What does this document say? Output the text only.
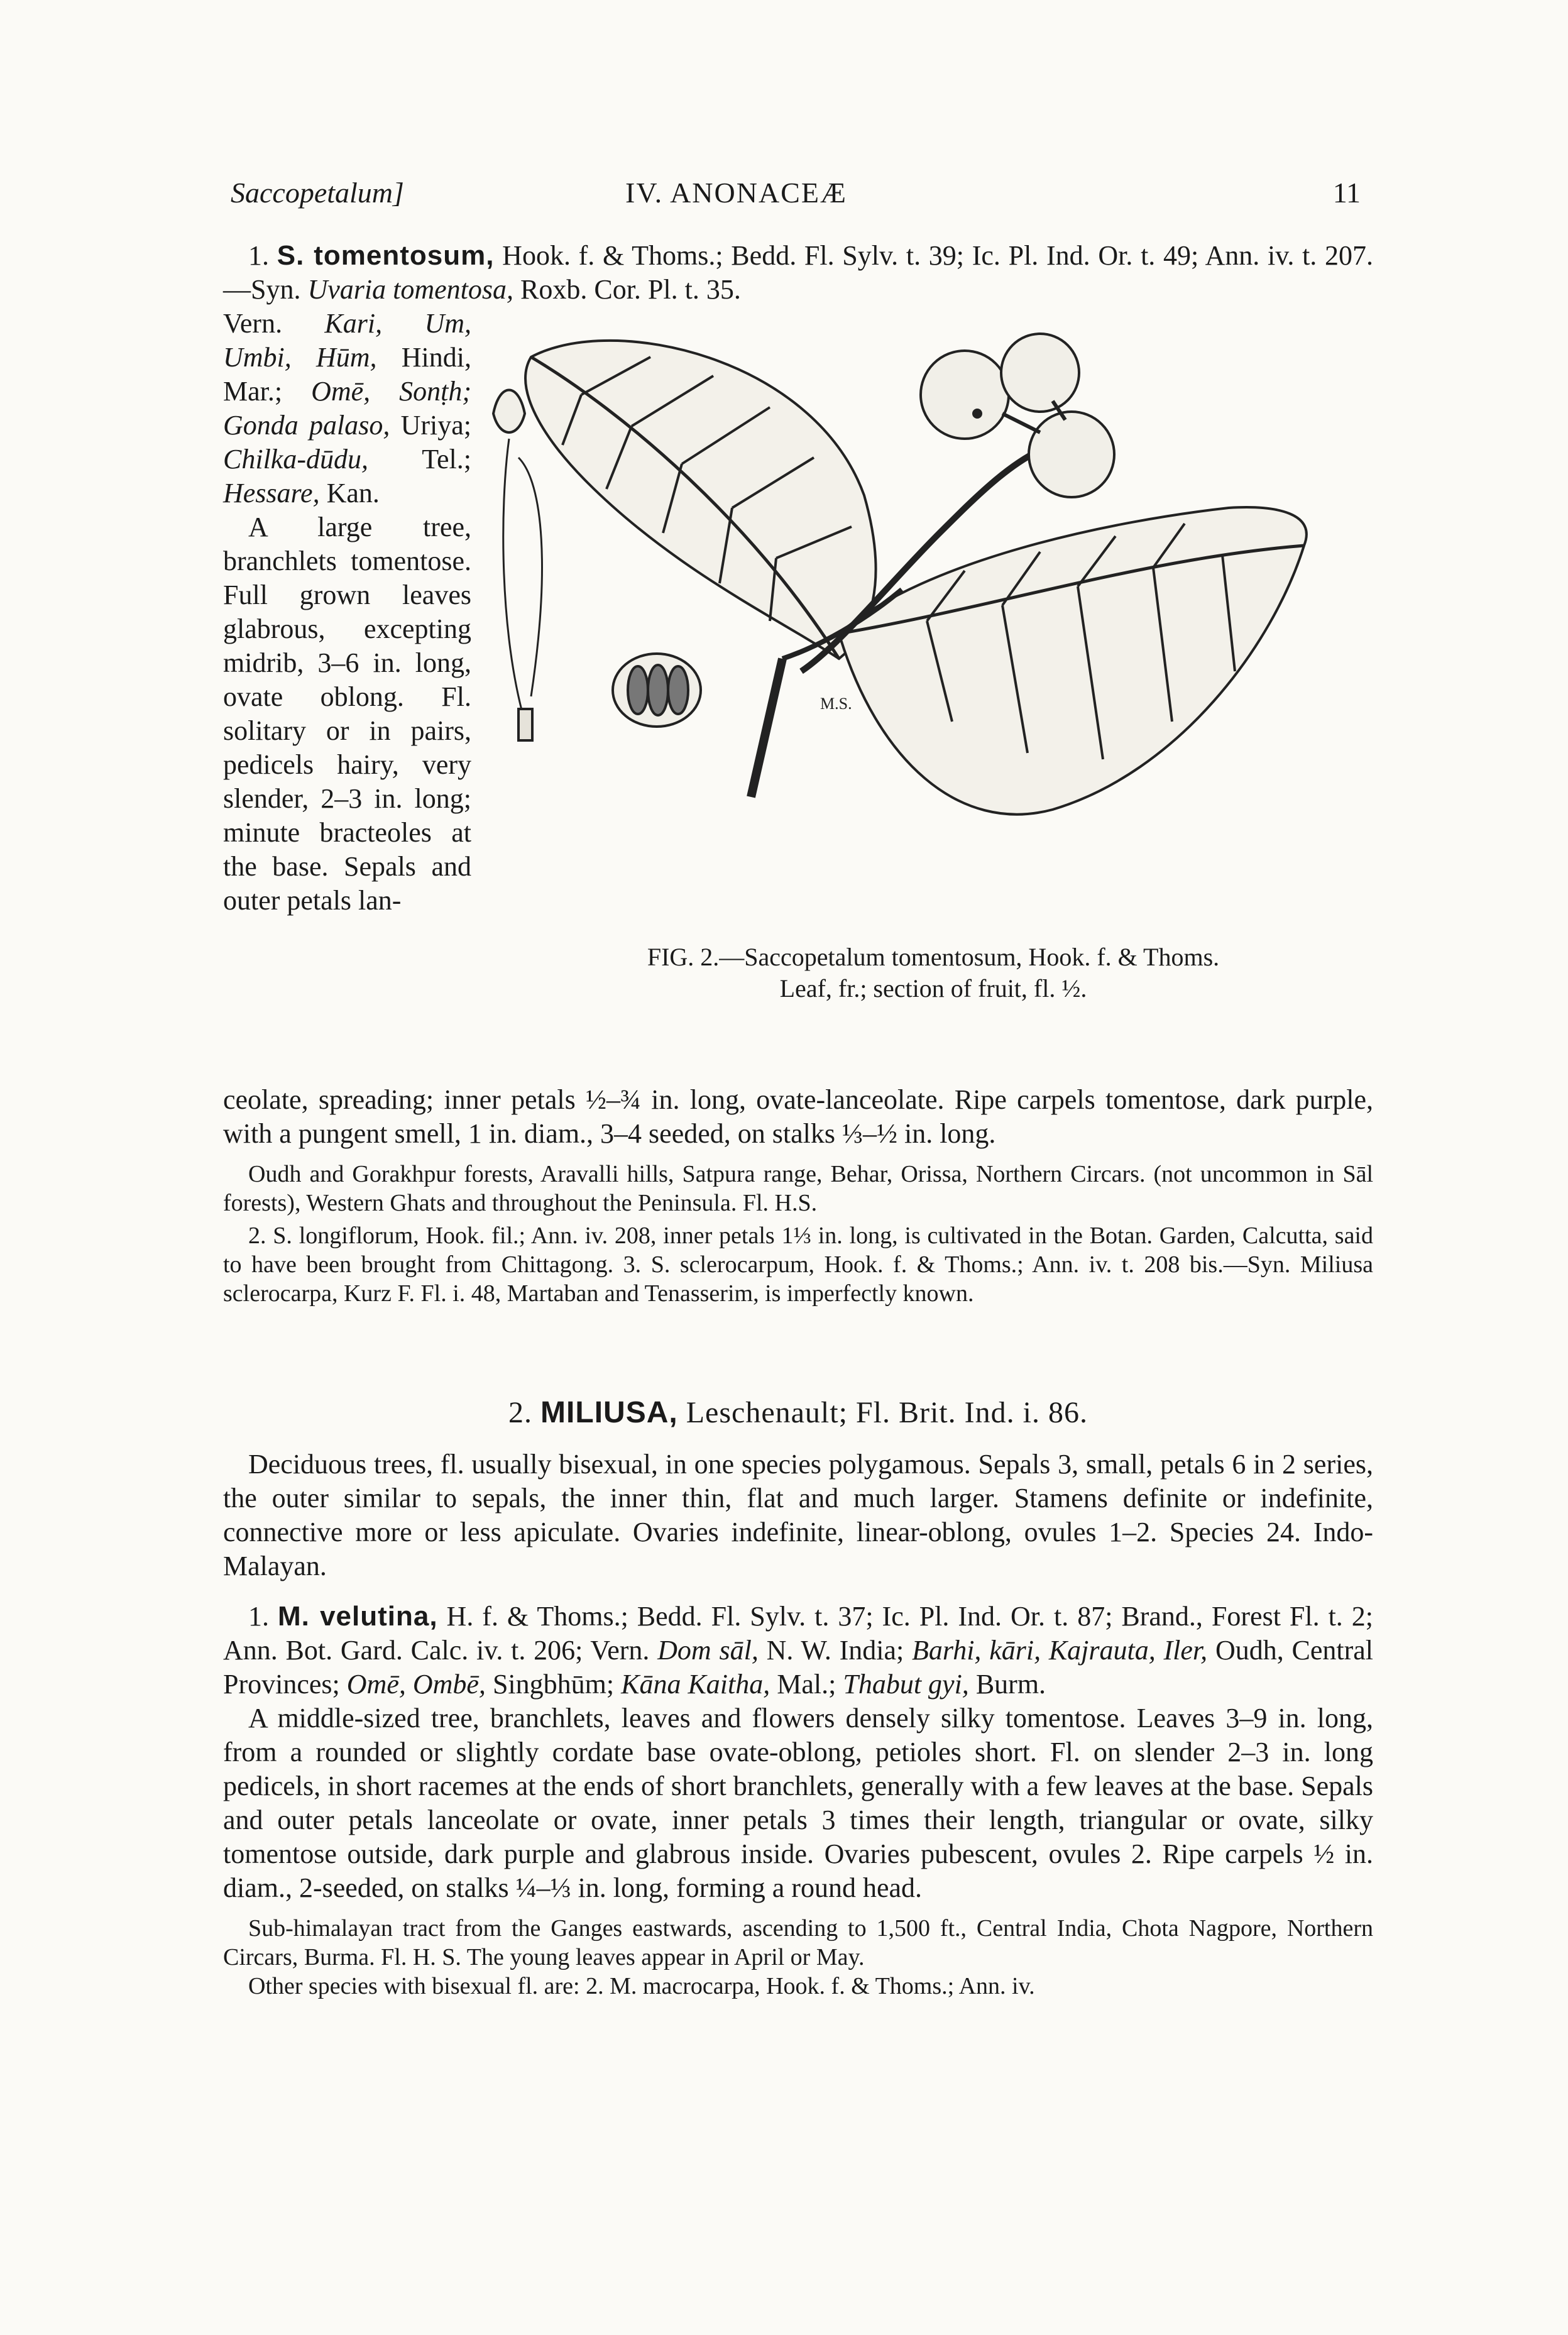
Saccopetalum]	IV. ANONACEÆ	11

1. S. tomentosum, Hook. f. & Thoms.; Bedd. Fl. Sylv. t. 39; Ic. Pl. Ind. Or. t. 49; Ann. iv. t. 207.—Syn. Uvaria tomentosa, Roxb. Cor. Pl. t. 35.

Vern. Kari, Um, Umbi, Hūm, Hindi, Mar.; Omē, Sonṭh; Gonda palaso, Uriya; Chilka-dūdu, Tel.; Hessare, Kan.
A large tree, branchlets tomentose. Full grown leaves glabrous, excepting midrib, 3–6 in. long, ovate oblong. Fl. solitary or in pairs, pedicels hairy, very slender, 2–3 in. long; minute bracteoles at the base. Sepals and outer petals lan-
M.S.
FIG. 2.—Saccopetalum tomentosum, Hook. f. & Thoms.
Leaf, fr.; section of fruit, fl. ½.

ceolate, spreading; inner petals ½–¾ in. long, ovate-lanceolate. Ripe carpels tomentose, dark purple, with a pungent smell, 1 in. diam., 3–4 seeded, on stalks ⅓–½ in. long.

Oudh and Gorakhpur forests, Aravalli hills, Satpura range, Behar, Orissa, Northern Circars. (not uncommon in Sāl forests), Western Ghats and throughout the Peninsula. Fl. H.S.

2. S. longiflorum, Hook. fil.; Ann. iv. 208, inner petals 1⅓ in. long, is cultivated in the Botan. Garden, Calcutta, said to have been brought from Chittagong. 3. S. sclerocarpum, Hook. f. & Thoms.; Ann. iv. t. 208 bis.—Syn. Miliusa sclerocarpa, Kurz F. Fl. i. 48, Martaban and Tenasserim, is imperfectly known.

2. MILIUSA, Leschenault; Fl. Brit. Ind. i. 86.

Deciduous trees, fl. usually bisexual, in one species polygamous. Sepals 3, small, petals 6 in 2 series, the outer similar to sepals, the inner thin, flat and much larger. Stamens definite or indefinite, connective more or less apiculate. Ovaries indefinite, linear-oblong, ovules 1–2. Species 24. Indo-Malayan.

1. M. velutina, H. f. & Thoms.; Bedd. Fl. Sylv. t. 37; Ic. Pl. Ind. Or. t. 87; Brand., Forest Fl. t. 2; Ann. Bot. Gard. Calc. iv. t. 206; Vern. Dom sāl, N. W. India; Barhi, kāri, Kajrauta, Iler, Oudh, Central Provinces; Omē, Ombē, Singbhūm; Kāna Kaitha, Mal.; Thabut gyi, Burm.

A middle-sized tree, branchlets, leaves and flowers densely silky tomentose. Leaves 3–9 in. long, from a rounded or slightly cordate base ovate-oblong, petioles short. Fl. on slender 2–3 in. long pedicels, in short racemes at the ends of short branchlets, generally with a few leaves at the base. Sepals and outer petals lanceolate or ovate, inner petals 3 times their length, triangular or ovate, silky tomentose outside, dark purple and glabrous inside. Ovaries pubescent, ovules 2. Ripe carpels ½ in. diam., 2-seeded, on stalks ¼–⅓ in. long, forming a round head.

Sub-himalayan tract from the Ganges eastwards, ascending to 1,500 ft., Central India, Chota Nagpore, Northern Circars, Burma. Fl. H. S. The young leaves appear in April or May.

Other species with bisexual fl. are: 2. M. macrocarpa, Hook. f. & Thoms.; Ann. iv.
